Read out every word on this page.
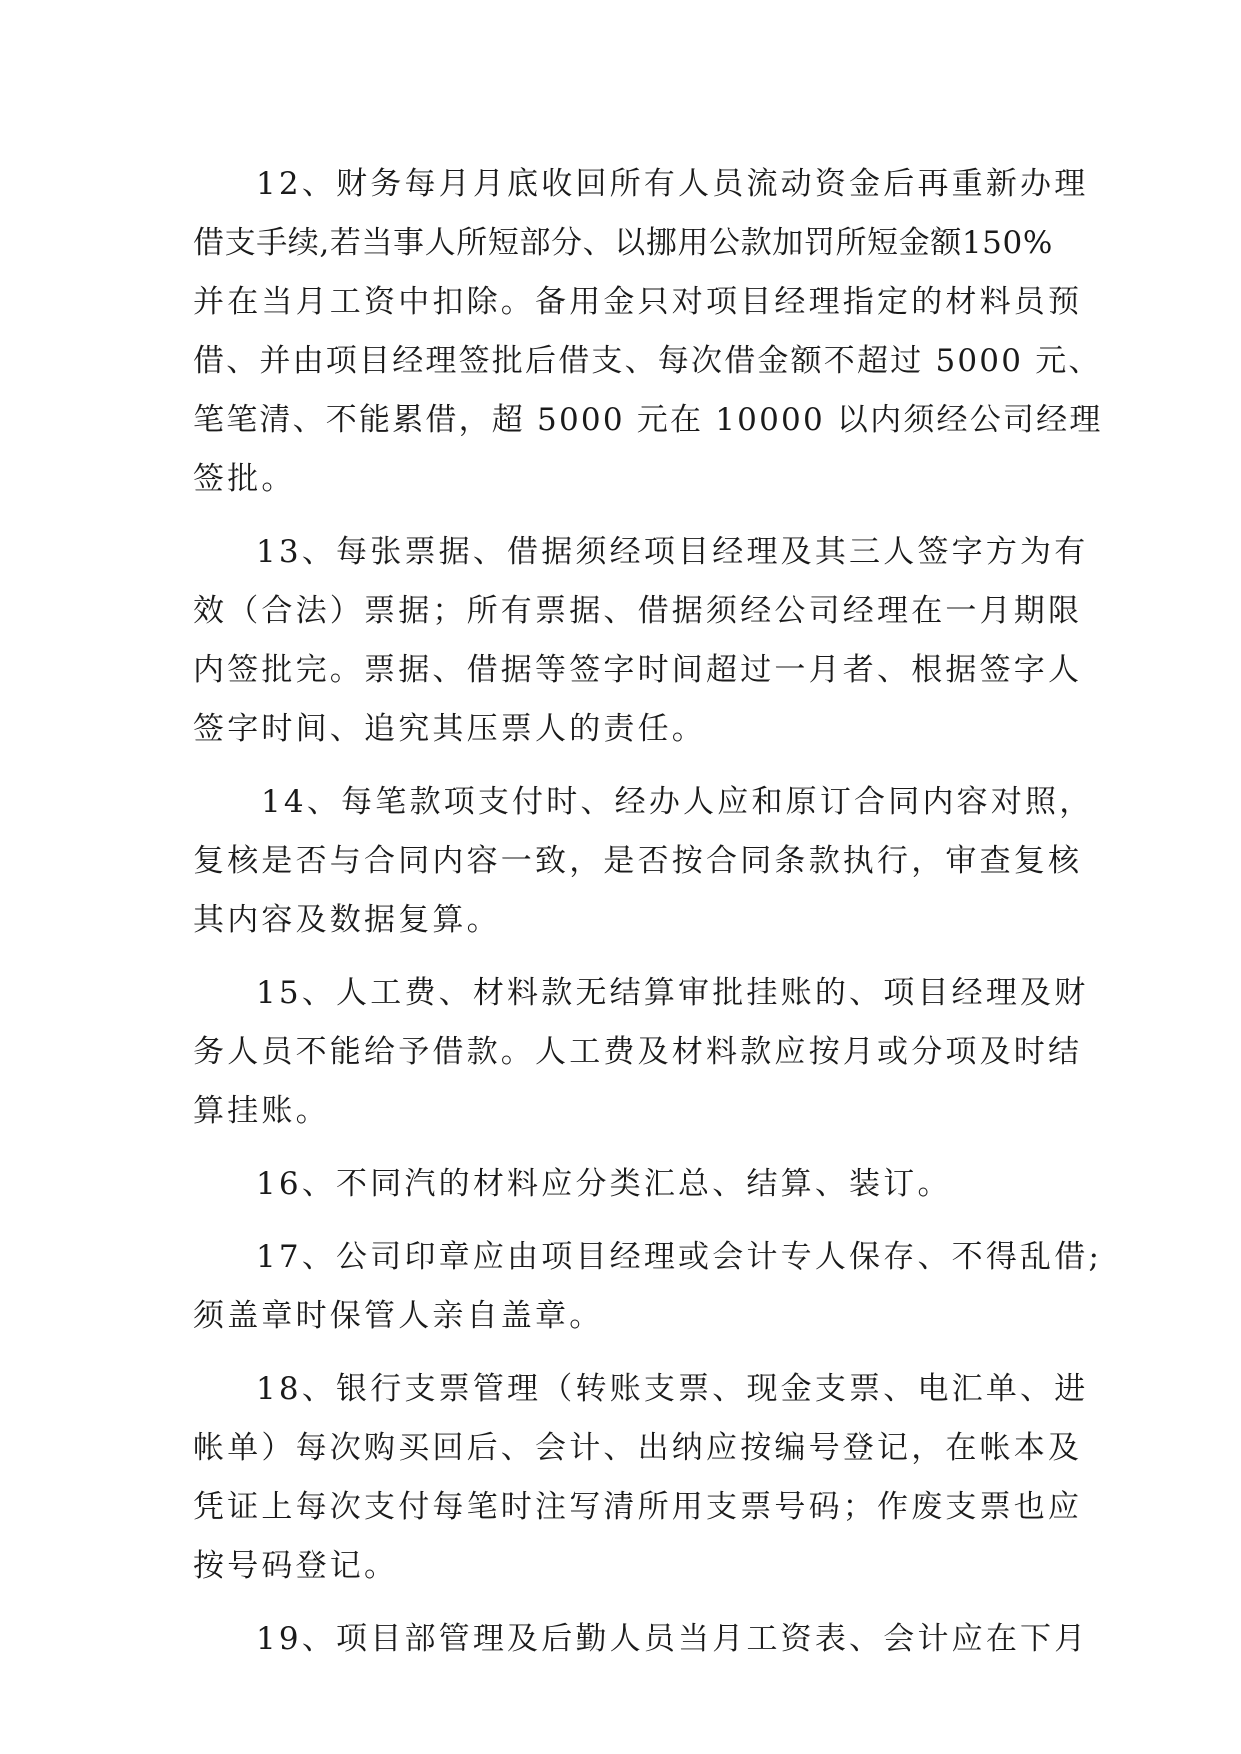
12、财务每月月底收回所有人员流动资金后再重新办理
借支手续,若当事人所短部分、以挪用公款加罚所短金额150%
并在当月工资中扣除。备用金只对项目经理指定的材料员预
借、并由项目经理签批后借支、每次借金额不超过 5000 元、
笔笔清、不能累借，超 5000 元在 10000 以内须经公司经理
签批。
13、每张票据、借据须经项目经理及其三人签字方为有
效（合法）票据；所有票据、借据须经公司经理在一月期限
内签批完。票据、借据等签字时间超过一月者、根据签字人
签字时间、追究其压票人的责任。
14、每笔款项支付时、经办人应和原订合同内容对照，
复核是否与合同内容一致，是否按合同条款执行，审查复核
其内容及数据复算。
15、人工费、材料款无结算审批挂账的、项目经理及财
务人员不能给予借款。人工费及材料款应按月或分项及时结
算挂账。
16、不同汽的材料应分类汇总、结算、装订。
17、公司印章应由项目经理或会计专人保存、不得乱借;
须盖章时保管人亲自盖章。
18、银行支票管理（转账支票、现金支票、电汇单、进
帐单）每次购买回后、会计、出纳应按编号登记，在帐本及
凭证上每次支付每笔时注写清所用支票号码；作废支票也应
按号码登记。
19、项目部管理及后勤人员当月工资表、会计应在下月
